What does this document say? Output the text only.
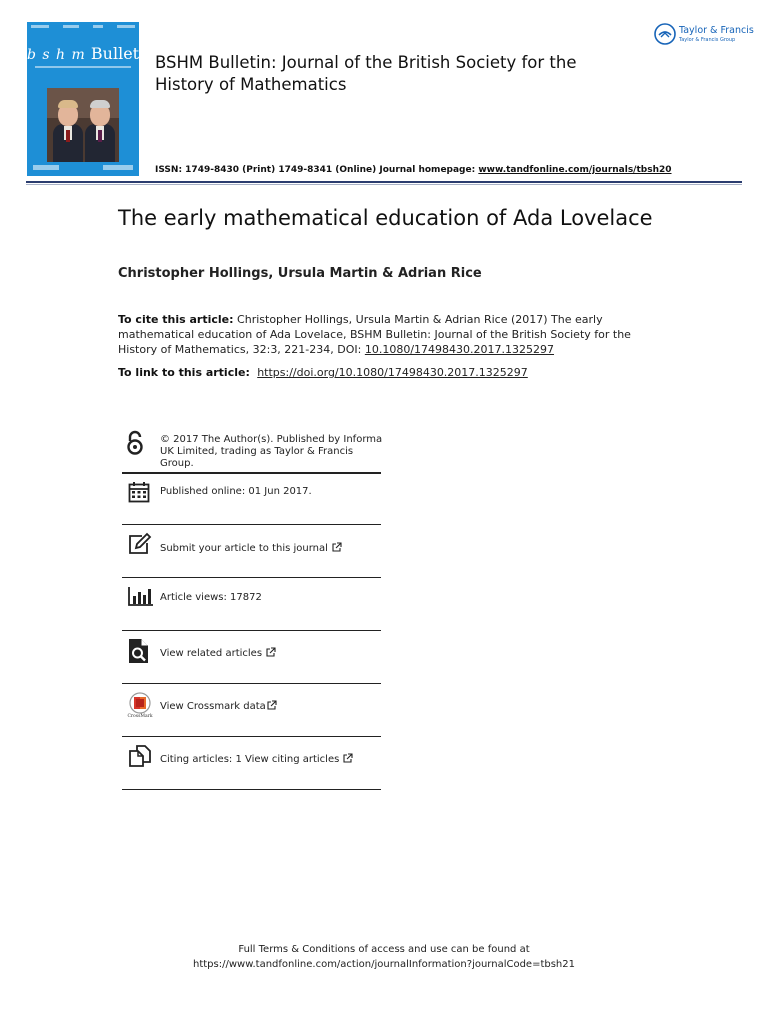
b s h m Bulletin BSHM Bulletin: Journal of the British Society for the History of Mathematics
ISSN: 1749-8430 (Print) 1749-8341 (Online) Journal homepage: www.tandfonline.com/journals/tbsh20
Taylor & Francis
Taylor & Francis Group
The early mathematical education of Ada Lovelace
Christopher Hollings, Ursula Martin & Adrian Rice
To cite this article: Christopher Hollings, Ursula Martin & Adrian Rice (2017) The early mathematical education of Ada Lovelace, BSHM Bulletin: Journal of the British Society for the History of Mathematics, 32:3, 221-234, DOI: 10.1080/17498430.2017.1325297
To link to this article:  https://doi.org/10.1080/17498430.2017.1325297
© 2017 The Author(s). Published by Informa
UK Limited, trading as Taylor & Francis
Group.
Published online: 01 Jun 2017.
Submit your article to this journal
Article views: 17872
View related articles
CrossMark
View Crossmark data
Citing articles: 1 View citing articles
Full Terms & Conditions of access and use can be found at
https://www.tandfonline.com/action/journalInformation?journalCode=tbsh21
